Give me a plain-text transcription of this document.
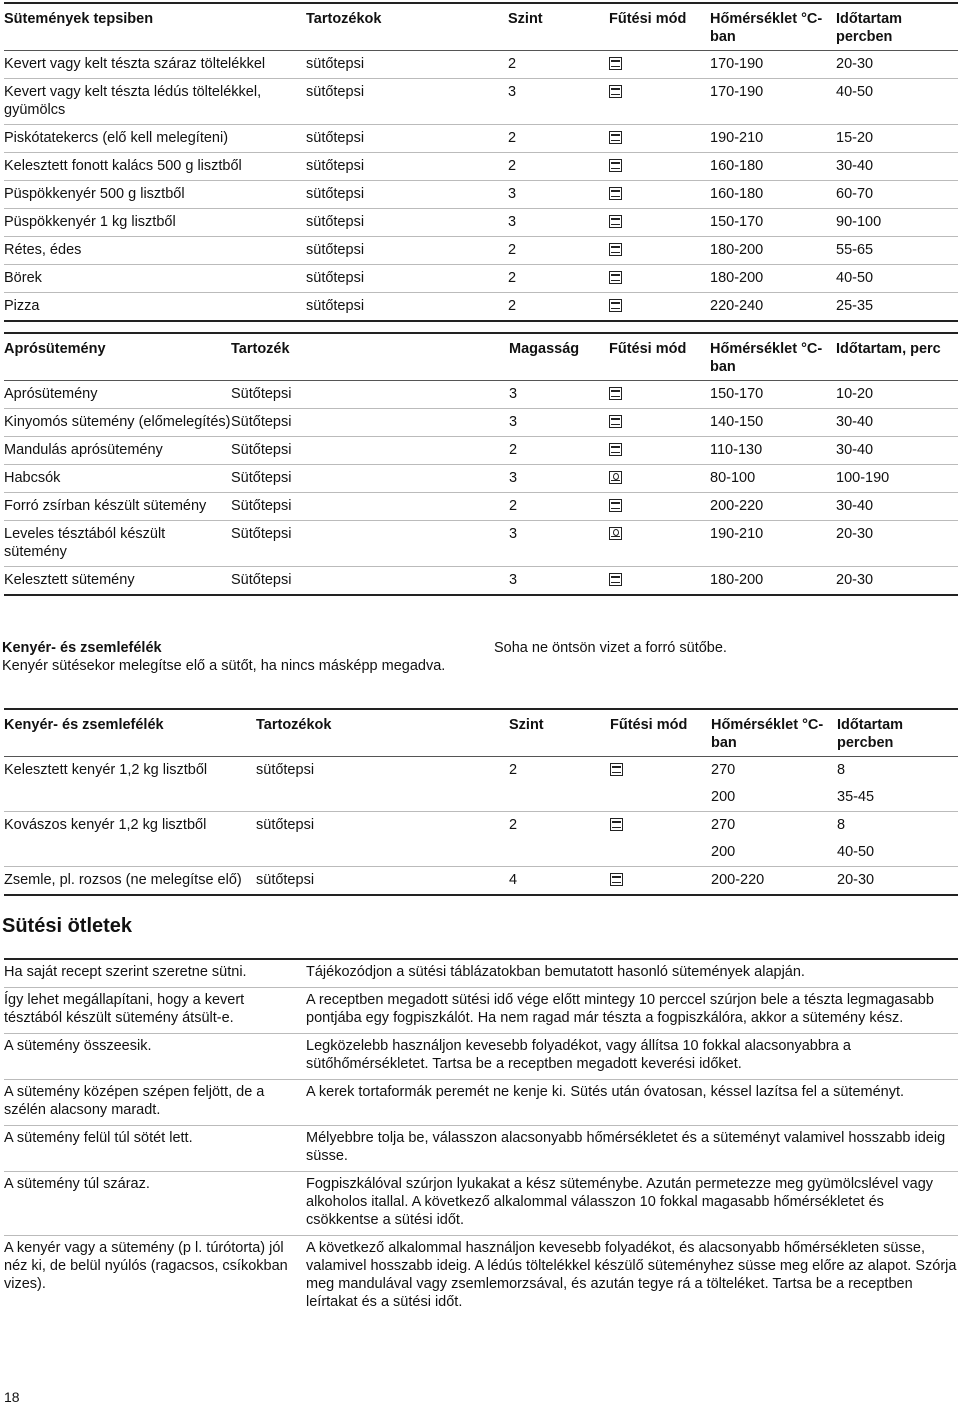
Sütemények tepsiben	Tartozékok	Szint	Fűtési mód	Hőmérséklet °C-ban	Időtartam percben
Kevert vagy kelt tészta száraz töltelékkel	sütőtepsi	2		170-190	20-30
Kevert vagy kelt tészta lédús töltelékkel, gyümölcs	sütőtepsi	3		170-190	40-50
Piskótatekercs (elő kell melegíteni)	sütőtepsi	2		190-210	15-20
Kelesztett fonott kalács 500 g lisztből	sütőtepsi	2		160-180	30-40
Püspökkenyér 500 g lisztből	sütőtepsi	3		160-180	60-70
Püspökkenyér 1 kg lisztből	sütőtepsi	3		150-170	90-100
Rétes, édes	sütőtepsi	2		180-200	55-65
Börek	sütőtepsi	2		180-200	40-50
Pizza	sütőtepsi	2		220-240	25-35
Aprósütemény	Tartozék	Magasság	Fűtési mód	Hőmérséklet °C-ban	Időtartam, perc
Aprósütemény	Sütőtepsi	3		150-170	10-20
Kinyomós sütemény (előmelegítés)	Sütőtepsi	3		140-150	30-40
Mandulás aprósütemény	Sütőtepsi	2		110-130	30-40
Habcsók	Sütőtepsi	3		80-100	100-190
Forró zsírban készült sütemény	Sütőtepsi	2		200-220	30-40
Leveles tésztából készült sütemény	Sütőtepsi	3		190-210	20-30
Kelesztett sütemény	Sütőtepsi	3		180-200	20-30
Kenyér- és zsemlefélék
Kenyér sütésekor melegítse elő a sütőt, ha nincs másképp megadva.
Soha ne öntsön vizet a forró sütőbe.
Kenyér- és zsemlefélék	Tartozékok	Szint	Fűtési mód	Hőmérséklet °C-ban	Időtartam percben
Kelesztett kenyér 1,2 kg lisztből	sütőtepsi	2		270	8
				200	35-45
Kovászos kenyér 1,2 kg lisztből	sütőtepsi	2		270	8
				200	40-50
Zsemle, pl. rozsos (ne melegítse elő)	sütőtepsi	4		200-220	20-30
Sütési ötletek
Ha saját recept szerint szeretne sütni.	Tájékozódjon a sütési táblázatokban bemutatott hasonló sütemények alapján.
Így lehet megállapítani, hogy a kevert tésztából készült sütemény átsült-e.	A receptben megadott sütési idő vége előtt mintegy 10 perccel szúrjon bele a tészta legmagasabb pontjába egy fogpiszkálót. Ha nem ragad már tészta a fogpiszkálóra, akkor a sütemény kész.
A sütemény összeesik.	Legközelebb használjon kevesebb folyadékot, vagy állítsa 10 fokkal alacsonyabbra a sütőhőmérsékletet. Tartsa be a receptben megadott keverési időket.
A sütemény középen szépen feljött, de a szélén alacsony maradt.	A kerek tortaformák peremét ne kenje ki. Sütés után óvatosan, késsel lazítsa fel a süteményt.
A sütemény felül túl sötét lett.	Mélyebbre tolja be, válasszon alacsonyabb hőmérsékletet és a süteményt valamivel hosszabb ideig süsse.
A sütemény túl száraz.	Fogpiszkálóval szúrjon lyukakat a kész süteménybe. Azután permetezze meg gyümölcslével vagy alkoholos itallal. A következő alkalommal válasszon 10 fokkal magasabb hőmérsékletet és csökkentse a sütési időt.
A kenyér vagy a sütemény (p l. túrótorta) jól néz ki, de belül nyúlós (ragacsos, csíkokban vizes).	A következő alkalommal használjon kevesebb folyadékot, és alacsonyabb hőmérsékleten süsse, valamivel hosszabb ideig. A lédús töltelékkel készülő süteményhez süsse meg előre az alapot. Szórja meg mandulával vagy zsemlemorzsával, és azután tegye rá a tölteléket. Tartsa be a receptben leírtakat és a sütési időt.
18
